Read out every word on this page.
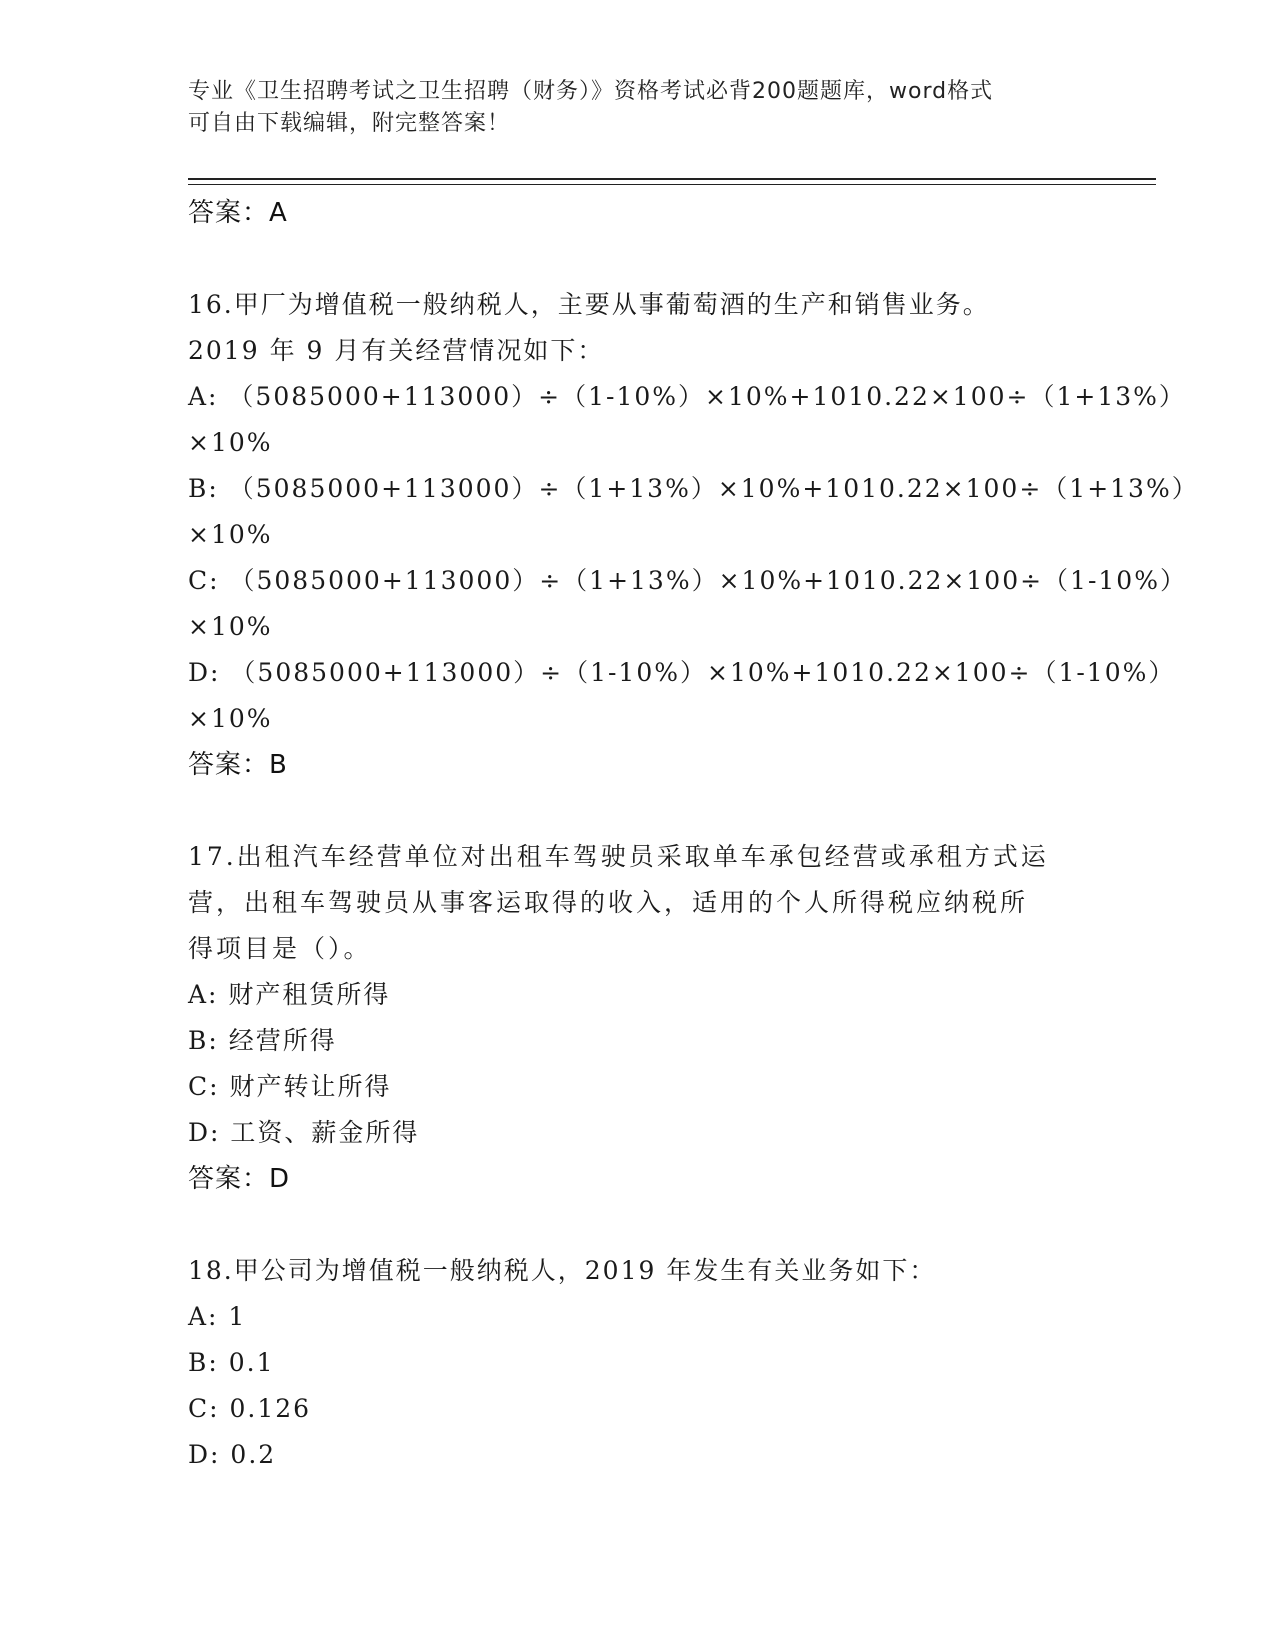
专业《卫生招聘考试之卫生招聘（财务）》资格考试必背200题题库，word格式
可自由下载编辑，附完整答案！
答案：A
16.甲厂为增值税一般纳税人，主要从事葡萄酒的生产和销售业务。
2019 年 9 月有关经营情况如下：
A: （5085000+113000）÷（1-10%）×10%+1010.22×100÷（1+13%）
×10%
B: （5085000+113000）÷（1+13%）×10%+1010.22×100÷（1+13%）
×10%
C: （5085000+113000）÷（1+13%）×10%+1010.22×100÷（1-10%）
×10%
D: （5085000+113000）÷（1-10%）×10%+1010.22×100÷（1-10%）
×10%
答案：B
17.出租汽车经营单位对出租车驾驶员采取单车承包经营或承租方式运
营，出租车驾驶员从事客运取得的收入，适用的个人所得税应纳税所
得项目是（）。
A: 财产租赁所得
B: 经营所得
C: 财产转让所得
D: 工资、薪金所得
答案：D
18.甲公司为增值税一般纳税人，2019 年发生有关业务如下：
A: 1
B: 0.1
C: 0.126
D: 0.2
